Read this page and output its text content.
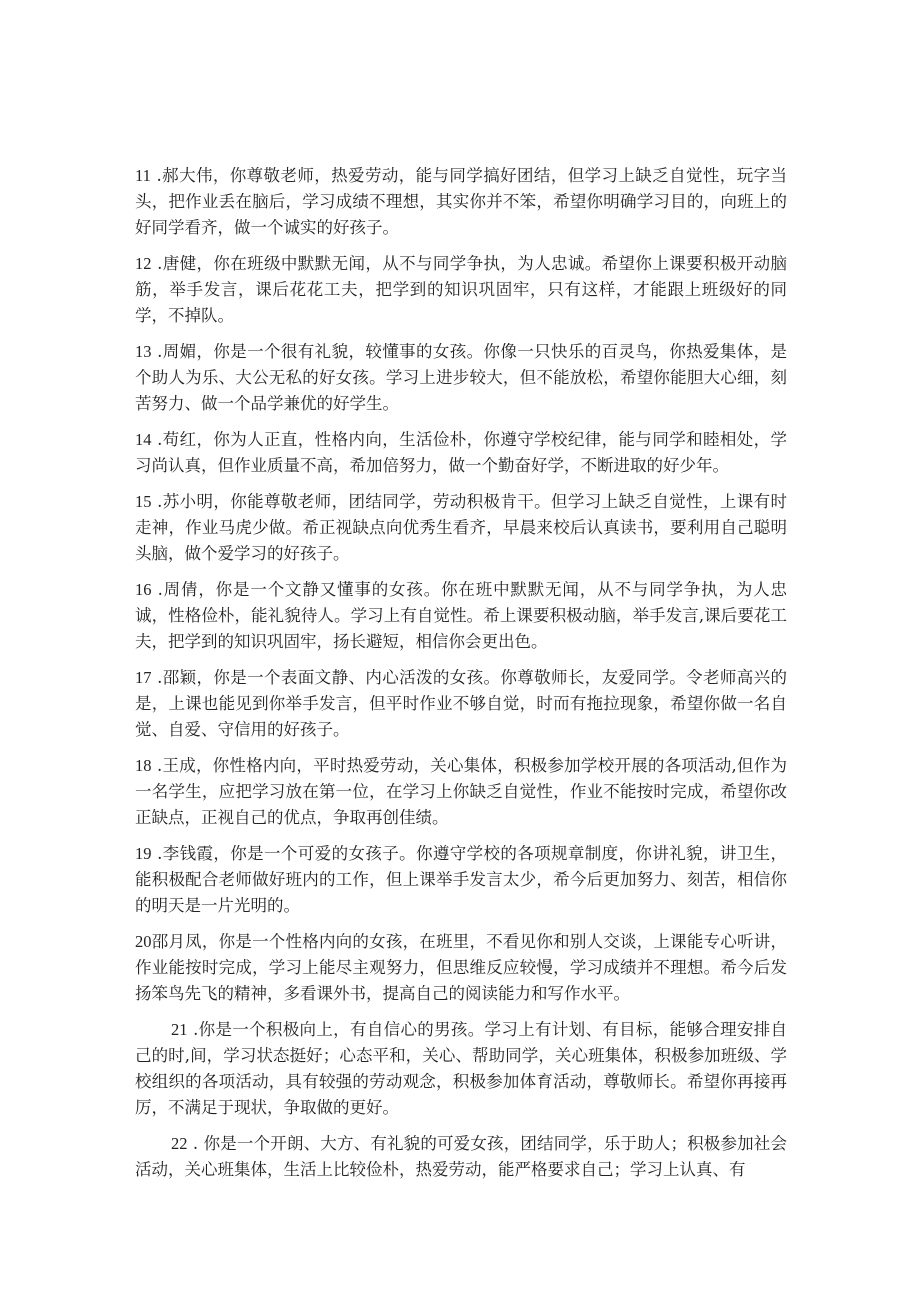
11 .郝大伟，你尊敬老师，热爱劳动，能与同学搞好团结，但学习上缺乏自觉性，玩字当头，把作业丢在脑后，学习成绩不理想，其实你并不笨，希望你明确学习目的，向班上的好同学看齐，做一个诚实的好孩子。

12 .唐健，你在班级中默默无闻，从不与同学争执，为人忠诚。希望你上课要积极开动脑筋，举手发言，课后花花工夫，把学到的知识巩固牢，只有这样，才能跟上班级好的同学，不掉队。

13 .周媚，你是一个很有礼貌，较懂事的女孩。你像一只快乐的百灵鸟，你热爱集体，是个助人为乐、大公无私的好女孩。学习上进步较大，但不能放松，希望你能胆大心细，刻苦努力、做一个品学兼优的好学生。

14 .苟红，你为人正直，性格内向，生活俭朴，你遵守学校纪律，能与同学和睦相处，学习尚认真，但作业质量不高，希加倍努力，做一个勤奋好学，不断进取的好少年。

15 .苏小明，你能尊敬老师，团结同学，劳动积极肯干。但学习上缺乏自觉性，上课有时走神，作业马虎少做。希正视缺点向优秀生看齐，早晨来校后认真读书，要利用自己聪明头脑，做个爱学习的好孩子。

16 .周倩，你是一个文静又懂事的女孩。你在班中默默无闻，从不与同学争执，为人忠诚，性格俭朴，能礼貌待人。学习上有自觉性。希上课要积极动脑，举手发言,课后要花工夫，把学到的知识巩固牢，扬长避短，相信你会更出色。

17 .邵颖，你是一个表面文静、内心活泼的女孩。你尊敬师长，友爱同学。令老师高兴的是，上课也能见到你举手发言，但平时作业不够自觉，时而有拖拉现象，希望你做一名自觉、自爱、守信用的好孩子。

18 .王成，你性格内向，平时热爱劳动，关心集体，积极参加学校开展的各项活动,但作为一名学生，应把学习放在第一位，在学习上你缺乏自觉性，作业不能按时完成，希望你改正缺点，正视自己的优点，争取再创佳绩。

19 .李钱霞，你是一个可爱的女孩子。你遵守学校的各项规章制度，你讲礼貌，讲卫生，能积极配合老师做好班内的工作，但上课举手发言太少，希今后更加努力、刻苦，相信你的明天是一片光明的。

20邵月凤，你是一个性格内向的女孩，在班里，不看见你和别人交谈，上课能专心听讲，作业能按时完成，学习上能尽主观努力，但思维反应较慢，学习成绩并不理想。希今后发扬笨鸟先飞的精神，多看课外书，提高自己的阅读能力和写作水平。

21 .你是一个积极向上，有自信心的男孩。学习上有计划、有目标，能够合理安排自己的时,间，学习状态挺好；心态平和，关心、帮助同学，关心班集体，积极参加班级、学校组织的各项活动，具有较强的劳动观念，积极参加体育活动，尊敬师长。希望你再接再厉，不满足于现状，争取做的更好。

22 . 你是一个开朗、大方、有礼貌的可爱女孩，团结同学，乐于助人；积极参加社会活动，关心班集体，生活上比较俭朴，热爱劳动，能严格要求自己；学习上认真、有
